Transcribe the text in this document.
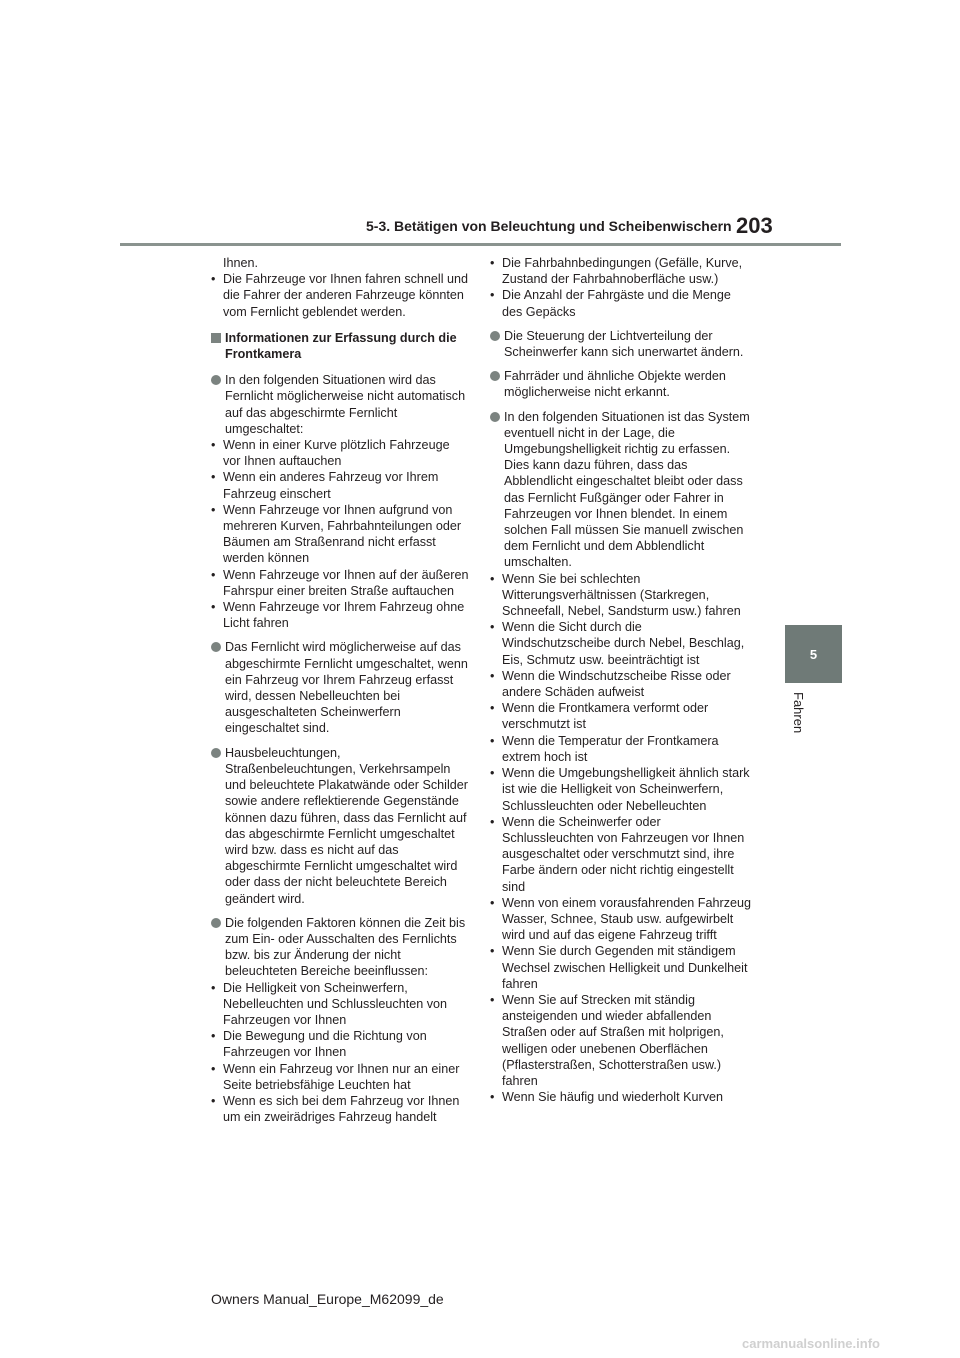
5-3. Betätigen von Beleuchtung und Scheibenwischern 203
5
Fahren
Ihnen.
• Die Fahrzeuge vor Ihnen fahren schnell und die Fahrer der anderen Fahrzeuge könnten vom Fernlicht geblendet werden.
Informationen zur Erfassung durch die Frontkamera
In den folgenden Situationen wird das Fernlicht möglicherweise nicht automatisch auf das abgeschirmte Fernlicht umgeschaltet:
• Wenn in einer Kurve plötzlich Fahrzeuge vor Ihnen auftauchen
• Wenn ein anderes Fahrzeug vor Ihrem Fahrzeug einschert
• Wenn Fahrzeuge vor Ihnen aufgrund von mehreren Kurven, Fahrbahnteilungen oder Bäumen am Straßenrand nicht erfasst werden können
• Wenn Fahrzeuge vor Ihnen auf der äußeren Fahrspur einer breiten Straße auftauchen
• Wenn Fahrzeuge vor Ihrem Fahrzeug ohne Licht fahren
Das Fernlicht wird möglicherweise auf das abgeschirmte Fernlicht umgeschaltet, wenn ein Fahrzeug vor Ihrem Fahrzeug erfasst wird, dessen Nebelleuchten bei ausgeschalteten Scheinwerfern eingeschaltet sind.
Hausbeleuchtungen, Straßenbeleuchtungen, Verkehrsampeln und beleuchtete Plakatwände oder Schilder sowie andere reflektierende Gegenstände können dazu führen, dass das Fernlicht auf das abgeschirmte Fernlicht umgeschaltet wird bzw. dass es nicht auf das abgeschirmte Fernlicht umgeschaltet wird oder dass der nicht beleuchtete Bereich geändert wird.
Die folgenden Faktoren können die Zeit bis zum Ein- oder Ausschalten des Fernlichts bzw. bis zur Änderung der nicht beleuchteten Bereiche beeinflussen:
• Die Helligkeit von Scheinwerfern, Nebelleuchten und Schlussleuchten von Fahrzeugen vor Ihnen
• Die Bewegung und die Richtung von Fahrzeugen vor Ihnen
• Wenn ein Fahrzeug vor Ihnen nur an einer Seite betriebsfähige Leuchten hat
• Wenn es sich bei dem Fahrzeug vor Ihnen um ein zweirädriges Fahrzeug handelt
• Die Fahrbahnbedingungen (Gefälle, Kurve, Zustand der Fahrbahnoberfläche usw.)
• Die Anzahl der Fahrgäste und die Menge des Gepäcks
Die Steuerung der Lichtverteilung der Scheinwerfer kann sich unerwartet ändern.
Fahrräder und ähnliche Objekte werden möglicherweise nicht erkannt.
In den folgenden Situationen ist das System eventuell nicht in der Lage, die Umgebungshelligkeit richtig zu erfassen. Dies kann dazu führen, dass das Abblendlicht eingeschaltet bleibt oder dass das Fernlicht Fußgänger oder Fahrer in Fahrzeugen vor Ihnen blendet. In einem solchen Fall müssen Sie manuell zwischen dem Fernlicht und dem Abblendlicht umschalten.
• Wenn Sie bei schlechten Witterungsverhältnissen (Starkregen, Schneefall, Nebel, Sandsturm usw.) fahren
• Wenn die Sicht durch die Windschutzscheibe durch Nebel, Beschlag, Eis, Schmutz usw. beeinträchtigt ist
• Wenn die Windschutzscheibe Risse oder andere Schäden aufweist
• Wenn die Frontkamera verformt oder verschmutzt ist
• Wenn die Temperatur der Frontkamera extrem hoch ist
• Wenn die Umgebungshelligkeit ähnlich stark ist wie die Helligkeit von Scheinwerfern, Schlussleuchten oder Nebelleuchten
• Wenn die Scheinwerfer oder Schlussleuchten von Fahrzeugen vor Ihnen ausgeschaltet oder verschmutzt sind, ihre Farbe ändern oder nicht richtig eingestellt sind
• Wenn von einem vorausfahrenden Fahrzeug Wasser, Schnee, Staub usw. aufgewirbelt wird und auf das eigene Fahrzeug trifft
• Wenn Sie durch Gegenden mit ständigem Wechsel zwischen Helligkeit und Dunkelheit fahren
• Wenn Sie auf Strecken mit ständig ansteigenden und wieder abfallenden Straßen oder auf Straßen mit holprigen, welligen oder unebenen Oberflächen (Pflasterstraßen, Schotterstraßen usw.) fahren
• Wenn Sie häufig und wiederholt Kurven
Owners Manual_Europe_M62099_de
carmanualsonline.info
